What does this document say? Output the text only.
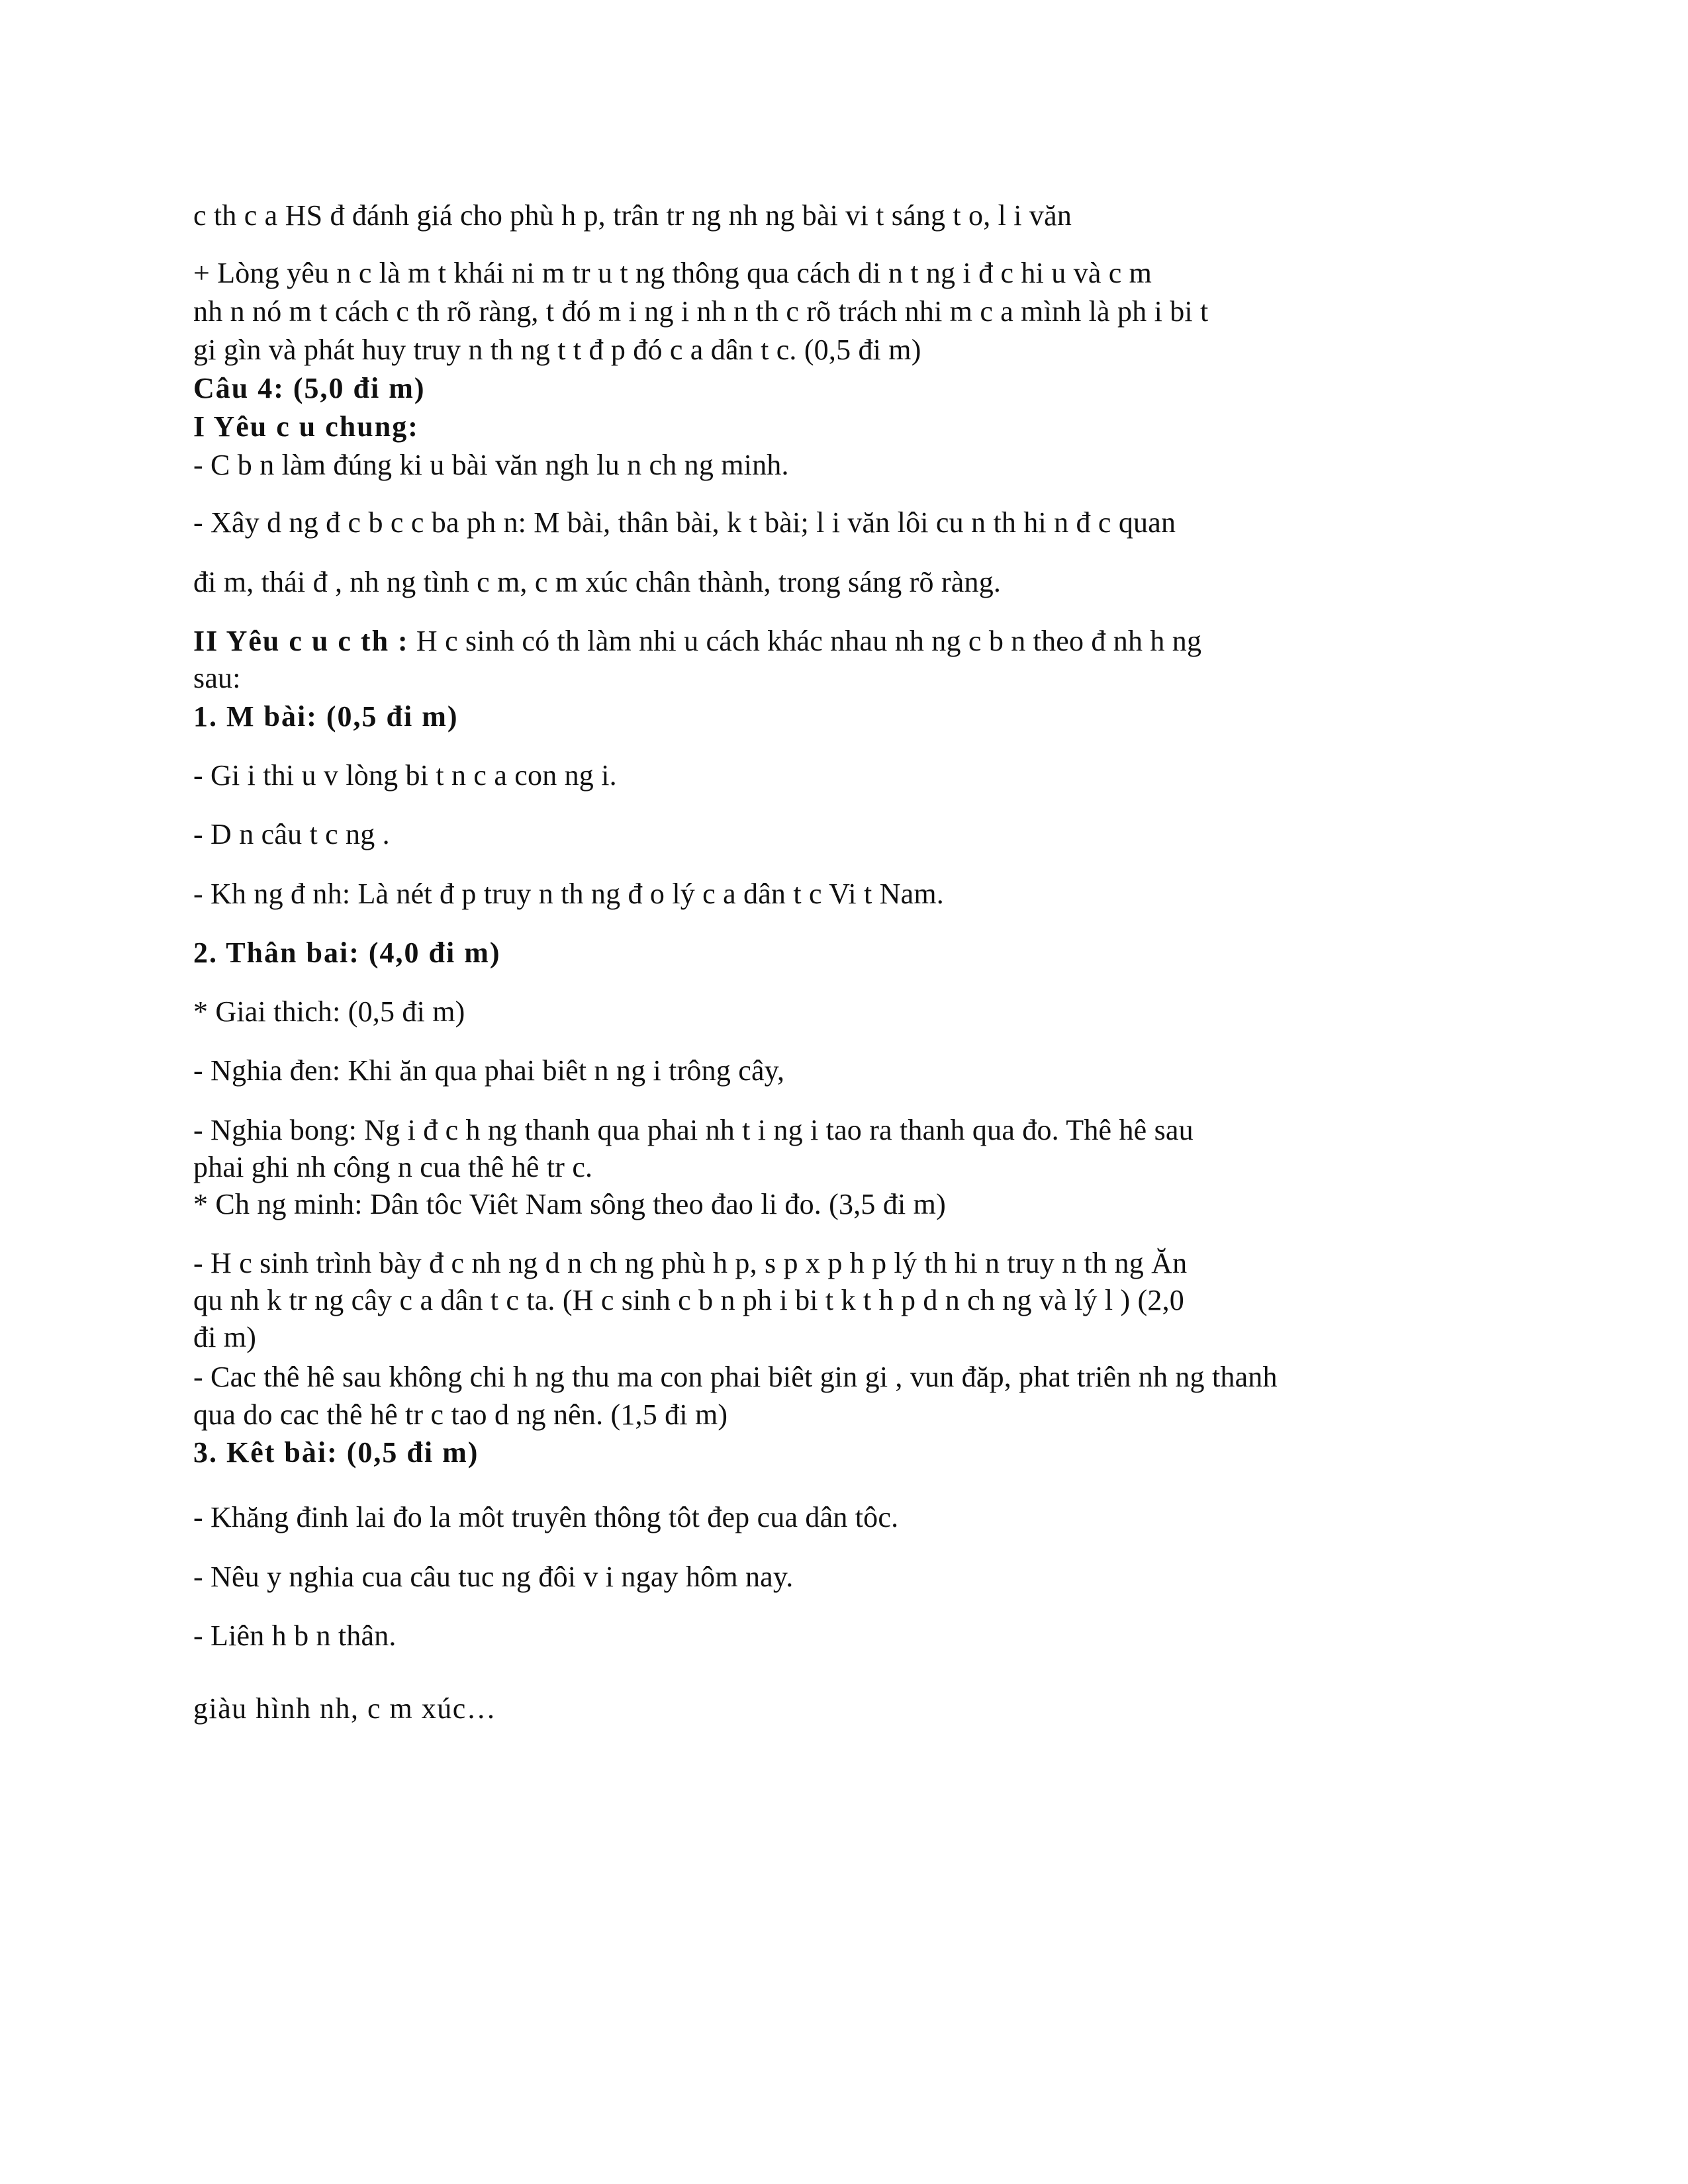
c th c a HS đ đánh giá cho phù h p, trân tr ng nh ng bài vi t sáng t o, l i văn
+ Lòng yêu n c là m t khái ni m tr u t ng thông qua cách di n t ng i đ c hi u và c m
nh n nó m t cách c th rõ ràng, t đó m i ng i nh n th c rõ trách nhi m c a mình là ph i bi t
gi gìn và phát huy truy n th ng t t đ p đó c a dân t c. (0,5 đi m)
Câu 4: (5,0 đi m)
I Yêu c u chung:
- C b n làm đúng ki u bài văn ngh lu n ch ng minh.
- Xây d ng đ c b c c ba ph n: M bài, thân bài, k t bài; l i văn lôi cu n th hi n đ c quan
đi m, thái đ , nh ng tình c m, c m xúc chân thành, trong sáng rõ ràng.
II Yêu c u c th : H c sinh có th làm nhi u cách khác nhau nh ng c b n theo đ nh h ng
sau:
1. M bài: (0,5 đi m)
- Gi i thi u v lòng bi t n c a con ng i.
- D n câu t c ng .
- Kh ng đ nh: Là nét đ p truy n th ng đ o lý c a dân t c Vi t Nam.
2. Thân bai: (4,0 đi m)
* Giai thich: (0,5 đi m)
- Nghia đen: Khi ăn qua phai biêt n ng i trông cây,
- Nghia bong: Ng i đ c h ng thanh qua phai nh t i ng i tao ra thanh qua đo. Thê hê sau
phai ghi nh công n cua thê hê tr c.
* Ch ng minh: Dân tôc Viêt Nam sông theo đao li đo. (3,5 đi m)
- H c sinh trình bày đ c nh ng d n ch ng phù h p, s p x p h p lý th hi n truy n th ng Ăn
qu nh k tr ng cây c a dân t c ta. (H c sinh c b n ph i bi t k t h p d n ch ng và lý l ) (2,0
đi m)
- Cac thê hê sau không chi h ng thu ma con phai biêt gin gi , vun đăp, phat triên nh ng thanh
qua do cac thê hê tr c tao d ng nên. (1,5 đi m)
3. Kêt bài: (0,5 đi m)
- Khăng đinh lai đo la môt truyên thông tôt đep cua dân tôc.
- Nêu y nghia cua câu tuc ng đôi v i ngay hôm nay.
- Liên h b n thân.
giàu hình nh, c m xúc…
